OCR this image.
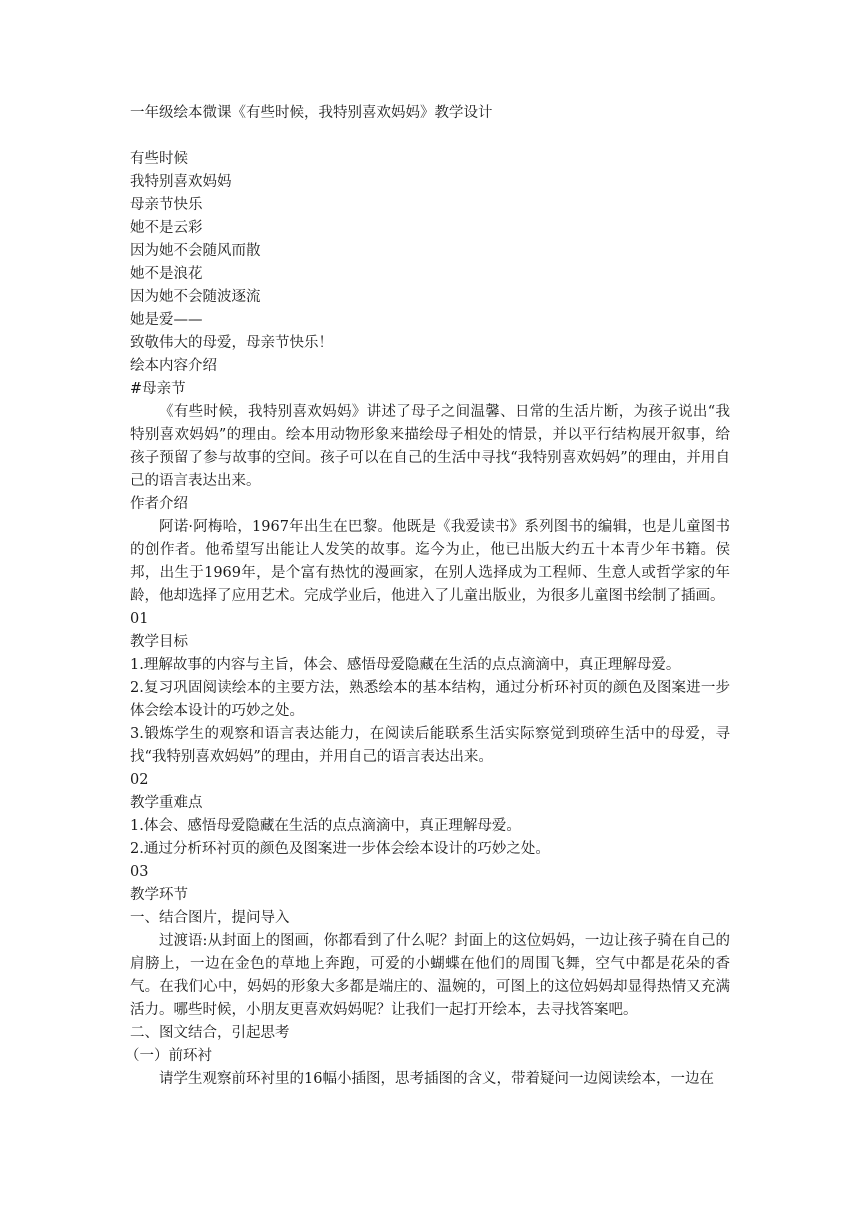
一年级绘本微课《有些时候，我特别喜欢妈妈》教学设计

有些时候

我特别喜欢妈妈

母亲节快乐

她不是云彩

因为她不会随风而散

她不是浪花

因为她不会随波逐流

她是爱——

致敬伟大的母爱，母亲节快乐！

绘本内容介绍

#母亲节

《有些时候，我特别喜欢妈妈》讲述了母子之间温馨、日常的生活片断，为孩子说出“我特别喜欢妈妈”的理由。绘本用动物形象来描绘母子相处的情景，并以平行结构展开叙事，给孩子预留了参与故事的空间。孩子可以在自己的生活中寻找“我特别喜欢妈妈”的理由，并用自己的语言表达出来。

作者介绍

阿诺·阿梅哈，1967年出生在巴黎。他既是《我爱读书》系列图书的编辑，也是儿童图书的创作者。他希望写出能让人发笑的故事。迄今为止，他已出版大约五十本青少年书籍。侯邦，出生于1969年，是个富有热忱的漫画家，在别人选择成为工程师、生意人或哲学家的年龄，他却选择了应用艺术。完成学业后，他进入了儿童出版业，为很多儿童图书绘制了插画。

01

教学目标

1.理解故事的内容与主旨，体会、感悟母爱隐藏在生活的点点滴滴中，真正理解母爱。

2.复习巩固阅读绘本的主要方法，熟悉绘本的基本结构，通过分析环衬页的颜色及图案进一步体会绘本设计的巧妙之处。

3.锻炼学生的观察和语言表达能力，在阅读后能联系生活实际察觉到琐碎生活中的母爱，寻找“我特别喜欢妈妈”的理由，并用自己的语言表达出来。

02

教学重难点

1.体会、感悟母爱隐藏在生活的点点滴滴中，真正理解母爱。

2.通过分析环衬页的颜色及图案进一步体会绘本设计的巧妙之处。

03

教学环节

一、结合图片，提问导入

过渡语:从封面上的图画，你都看到了什么呢？封面上的这位妈妈，一边让孩子骑在自己的肩膀上，一边在金色的草地上奔跑，可爱的小蝴蝶在他们的周围飞舞，空气中都是花朵的香气。在我们心中，妈妈的形象大多都是端庄的、温婉的，可图上的这位妈妈却显得热情又充满活力。哪些时候，小朋友更喜欢妈妈呢？让我们一起打开绘本，去寻找答案吧。

二、图文结合，引起思考

（一）前环衬

请学生观察前环衬里的16幅小插图，思考插图的含义，带着疑问一边阅读绘本，一边在
